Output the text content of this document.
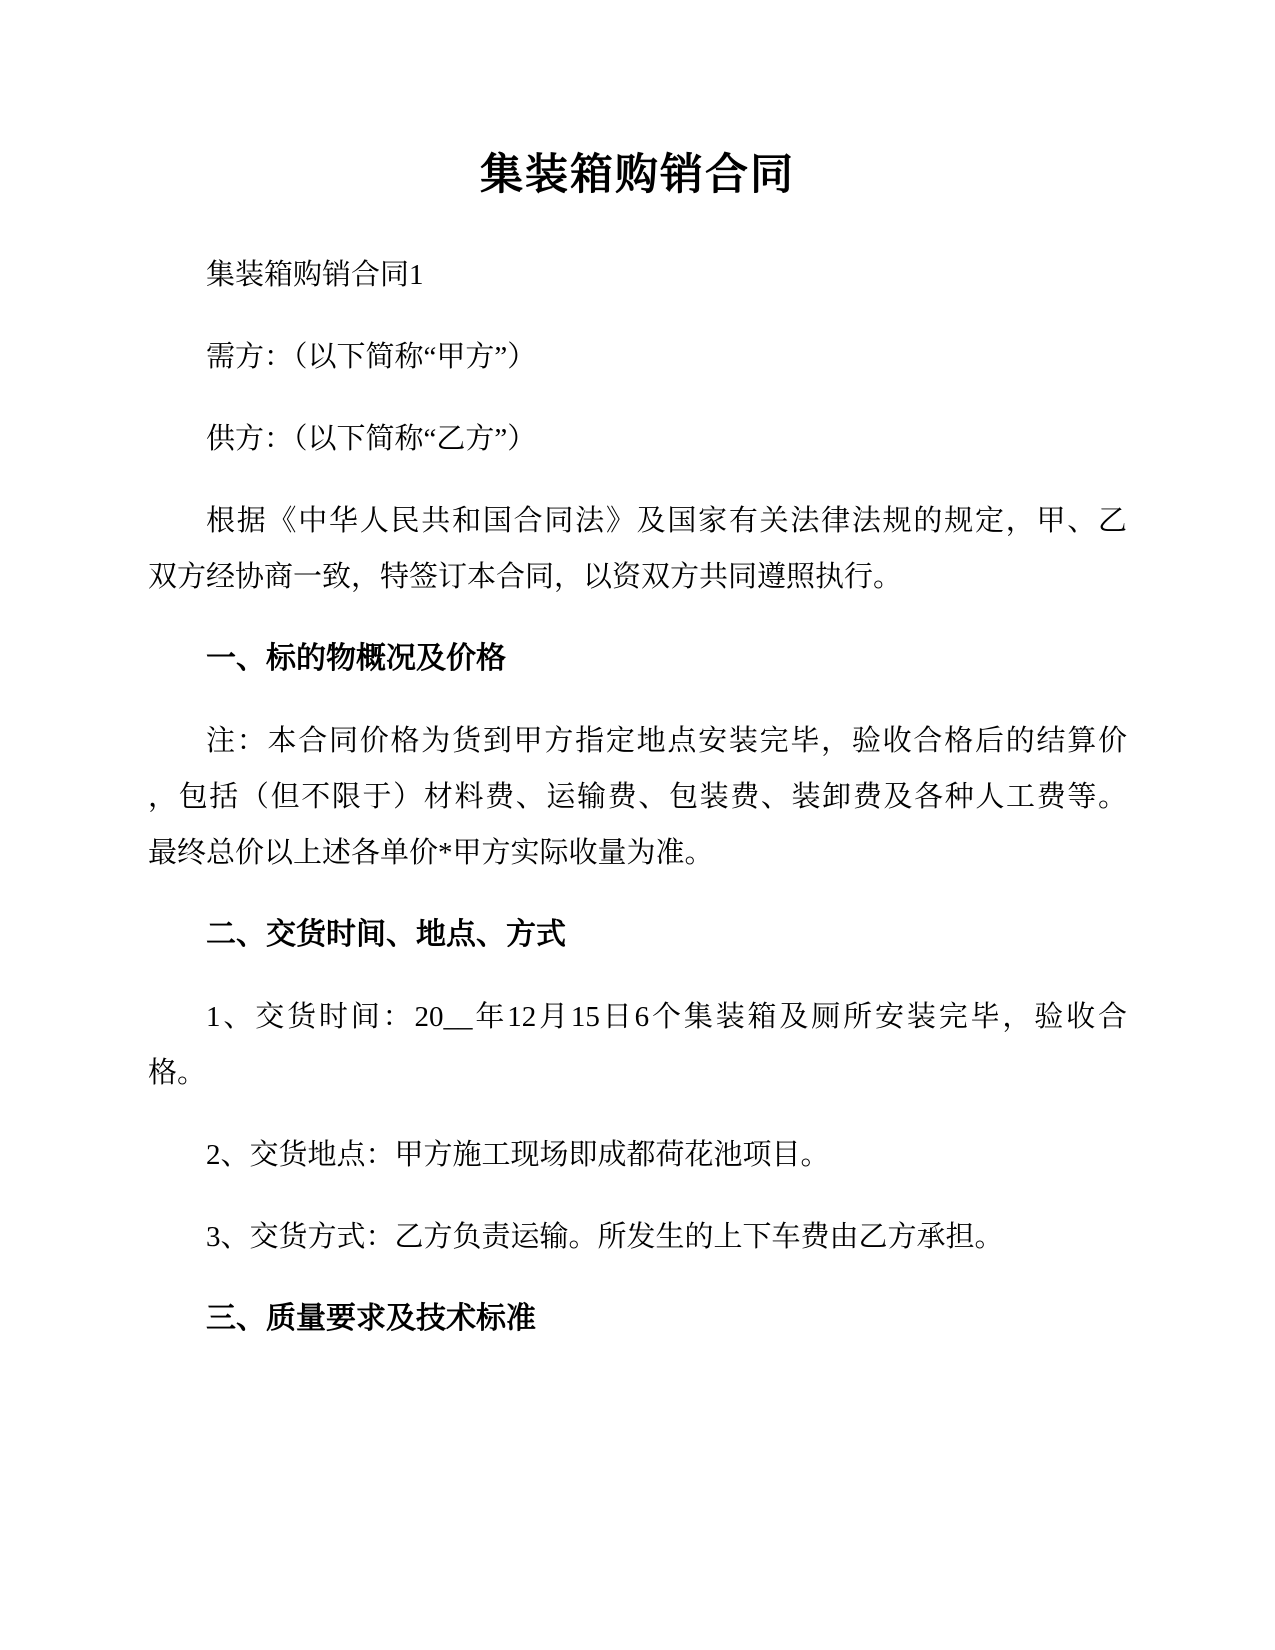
集装箱购销合同
集装箱购销合同1
需方：（以下简称“甲方”）
供方：（以下简称“乙方”）
根据《中华人民共和国合同法》及国家有关法律法规的规定，甲、乙
双方经协商一致，特签订本合同，以资双方共同遵照执行。
一、标的物概况及价格
注：本合同价格为货到甲方指定地点安装完毕，验收合格后的结算价
，包括（但不限于）材料费、运输费、包装费、装卸费及各种人工费等。
最终总价以上述各单价*甲方实际收量为准。
二、交货时间、地点、方式
1、交货时间：20__年12月15日6个集装箱及厕所安装完毕，验收合
格。
2、交货地点：甲方施工现场即成都荷花池项目。
3、交货方式：乙方负责运输。所发生的上下车费由乙方承担。
三、质量要求及技术标准
